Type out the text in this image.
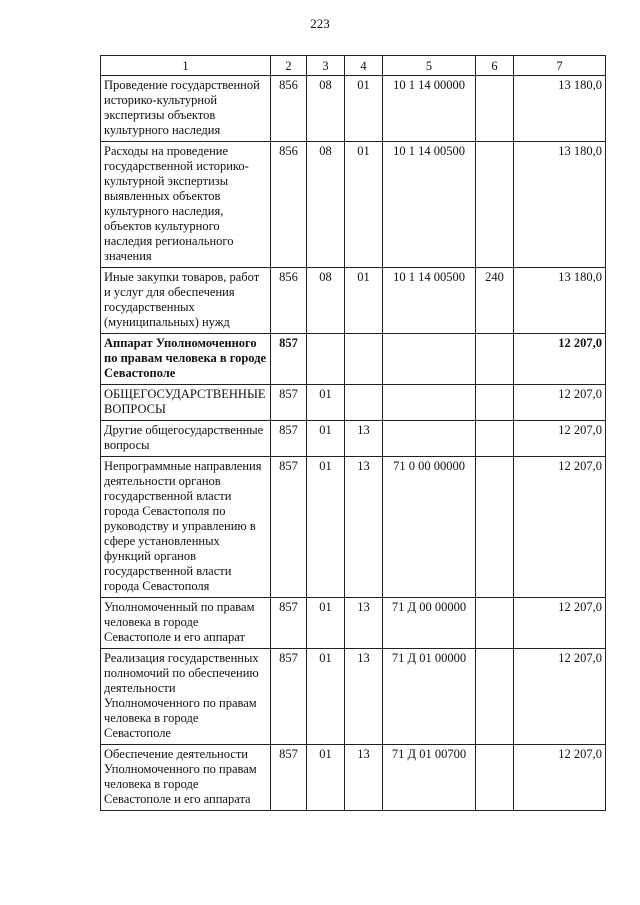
223
1	2	3	4	5	6	7
Проведение государственной историко-культурной экспертизы объектов культурного наследия	856	08	01	10 1 14 00000		13 180,0
Расходы на проведение государственной историко-культурной экспертизы выявленных объектов культурного наследия, объектов культурного наследия регионального значения	856	08	01	10 1 14 00500		13 180,0
Иные закупки товаров, работ и услуг для обеспечения государственных (муниципальных) нужд	856	08	01	10 1 14 00500	240	13 180,0
Аппарат Уполномоченного по правам человека в городе Севастополе	857					12 207,0
ОБЩЕГОСУДАРСТВЕННЫЕ ВОПРОСЫ	857	01				12 207,0
Другие общегосударственные вопросы	857	01	13			12 207,0
Непрограммные направления деятельности органов государственной власти города Севастополя по руководству и управлению в сфере установленных функций органов государственной власти города Севастополя	857	01	13	71 0 00 00000		12 207,0
Уполномоченный по правам человека в городе Севастополе и его аппарат	857	01	13	71 Д 00 00000		12 207,0
Реализация государственных полномочий по обеспечению деятельности Уполномоченного по правам человека в городе Севастополе	857	01	13	71 Д 01 00000		12 207,0
Обеспечение деятельности Уполномоченного по правам человека в городе Севастополе и его аппарата	857	01	13	71 Д 01 00700		12 207,0
